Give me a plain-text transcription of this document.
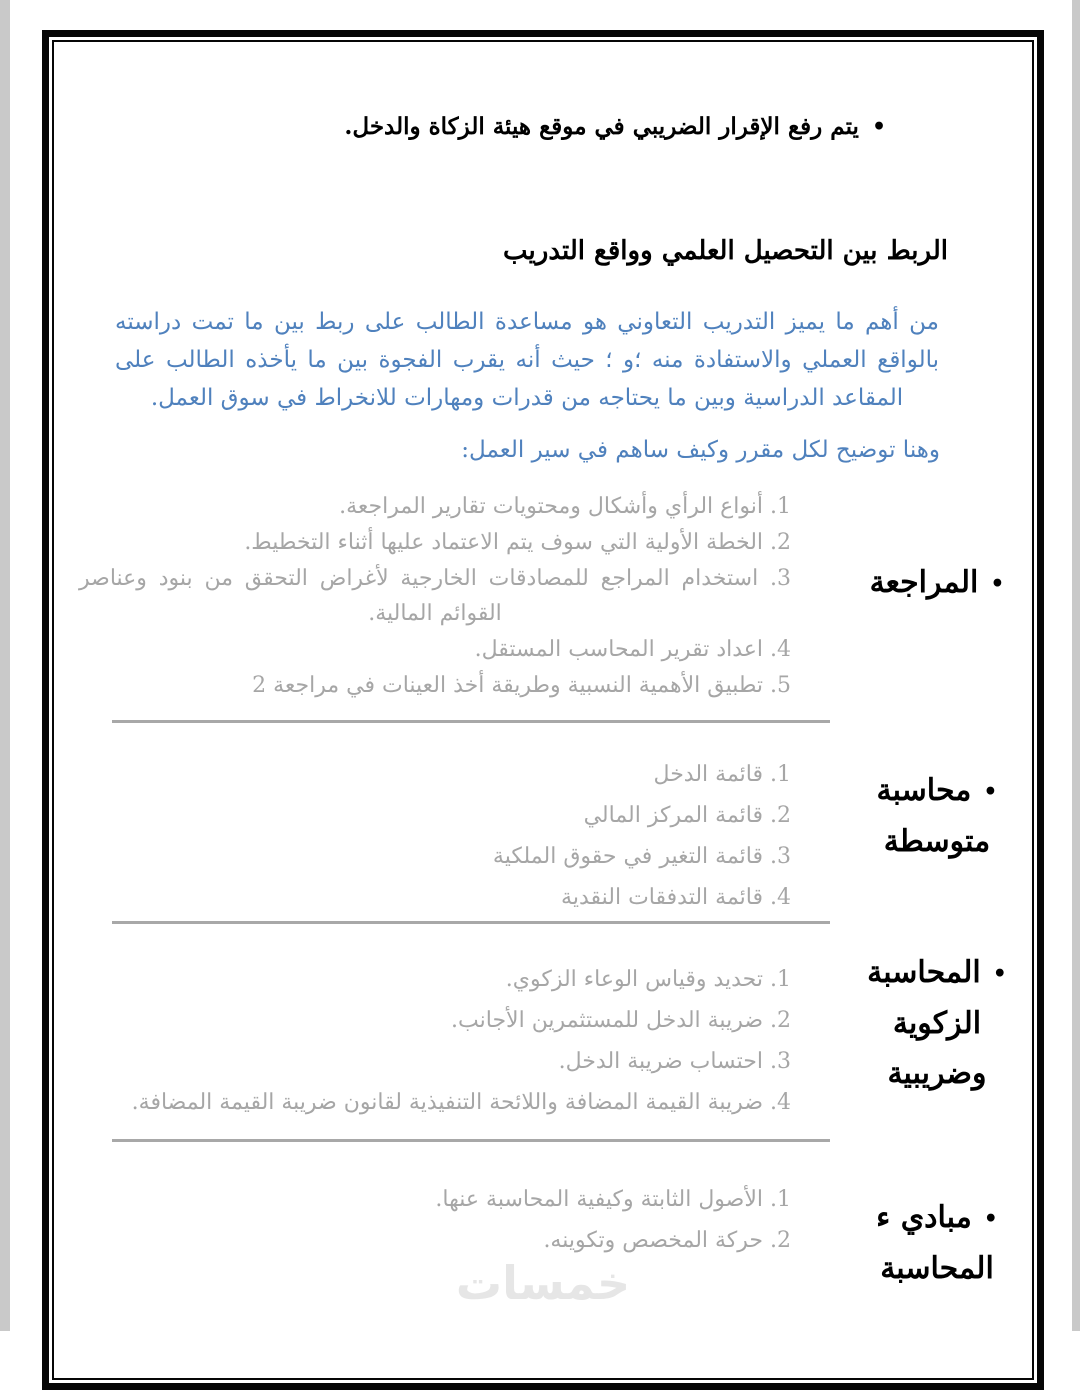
•
يتم رفع الإقرار الضريبي في موقع هيئة الزكاة والدخل.
الربط بين التحصيل العلمي وواقع التدريب
من أهم ما يميز التدريب التعاوني هو مساعدة الطالب على ربط بين ما تمت دراسته بالواقع العملي والاستفادة منه ؛و ؛ حيث أنه يقرب الفجوة بين ما يأخذه الطالب على المقاعد الدراسية وبين ما يحتاجه من قدرات ومهارات للانخراط في سوق العمل.
وهنا توضيح لكل مقرر وكيف ساهم في سير العمل:
1. أنواع الرأي وأشكال ومحتويات تقارير المراجعة.
2. الخطة الأولية التي سوف يتم الاعتماد عليها أثناء التخطيط.
3. استخدام المراجع للمصادقات الخارجية لأغراض التحقق من بنود وعناصر القوائم المالية.
4. اعداد تقرير المحاسب المستقل.
5. تطبيق الأهمية النسبية وطريقة أخذ العينات في مراجعة 2
•المراجعة
1. قائمة الدخل
2. قائمة المركز المالي
3. قائمة التغير في حقوق الملكية
4. قائمة التدفقات النقدية
•محاسبة
متوسطة
1. تحديد وقياس الوعاء الزكوي.
2. ضريبة الدخل للمستثمرين الأجانب.
3. احتساب ضريبة الدخل.
4. ضريبة القيمة المضافة واللائحة التنفيذية لقانون ضريبة القيمة المضافة.
•المحاسبة
الزكوية
وضريبية
1. الأصول الثابتة وكيفية المحاسبة عنها.
2. حركة المخصص وتكوينه.
•مبادي ء
المحاسبة
خمسات
